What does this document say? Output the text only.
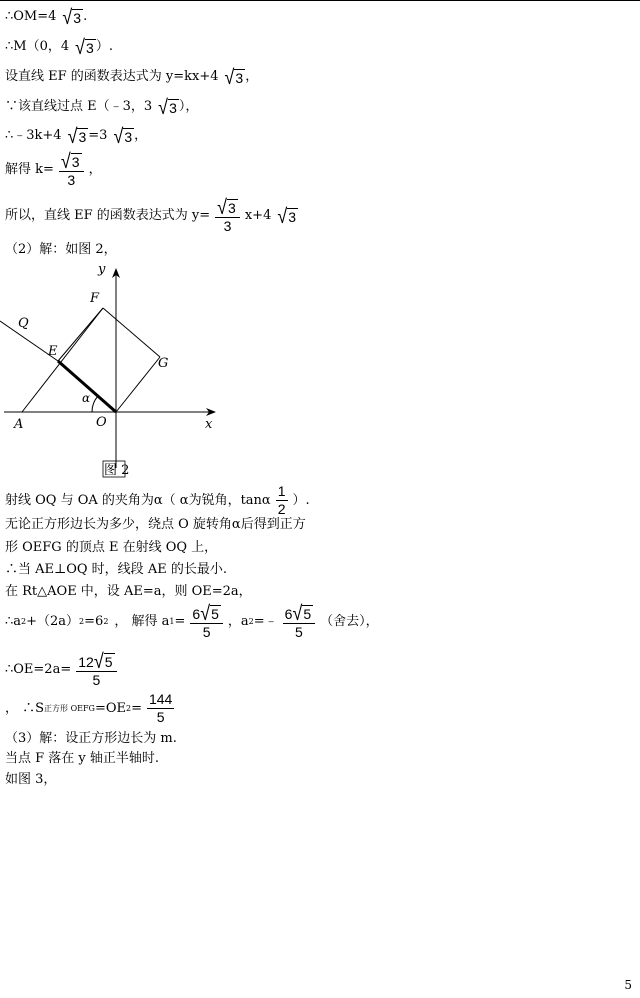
∴OM=4 √ 3 .
∴M（0，4 √ 3 ）.
设直线 EF 的函数表达式为 y=kx+4 √ 3 ，
∵该直线过点 E（﹣3，3 √ 3 ），
∴﹣3k+4 √ 3 =3 √ 3 ，
解得 $k= \frac{√ 3}{3}$ ，
所以，直线 EF 的函数表达式为 $y= \frac{√ 3}{3} x+4$ √ 3
（2）解：如图 2，
y
x
F
Q
E
G
α
A	O
图 2
射线 OQ 与 OA 的夹角为α（ α为锐角，tanα $\frac{1}{2}$ ）.
无论正方形边长为多少，绕点 O 旋转角α后得到正方
形 OEFG 的顶点 E 在射线 OQ 上，
∴当 AE⊥OQ 时，线段 AE 的长最小.
在 Rt△AOE 中，设 AE=a，则 OE=2a，
∴a 2 +（2a） 2 =6 2 ， 解得 a $1 = \frac{6 √ 5}{5}$ ，a 2 =﹣ $\frac{6 √ 5}{5}$ （舍去），
∴OE=2a= $\frac{12 √ 5}{5}$
， ∴S 正方形 OEFG =OE $2 = \frac{144}{5}$
（3）解：设正方形边长为 m.
当点 F 落在 y 轴正半轴时.
如图 3，
5
